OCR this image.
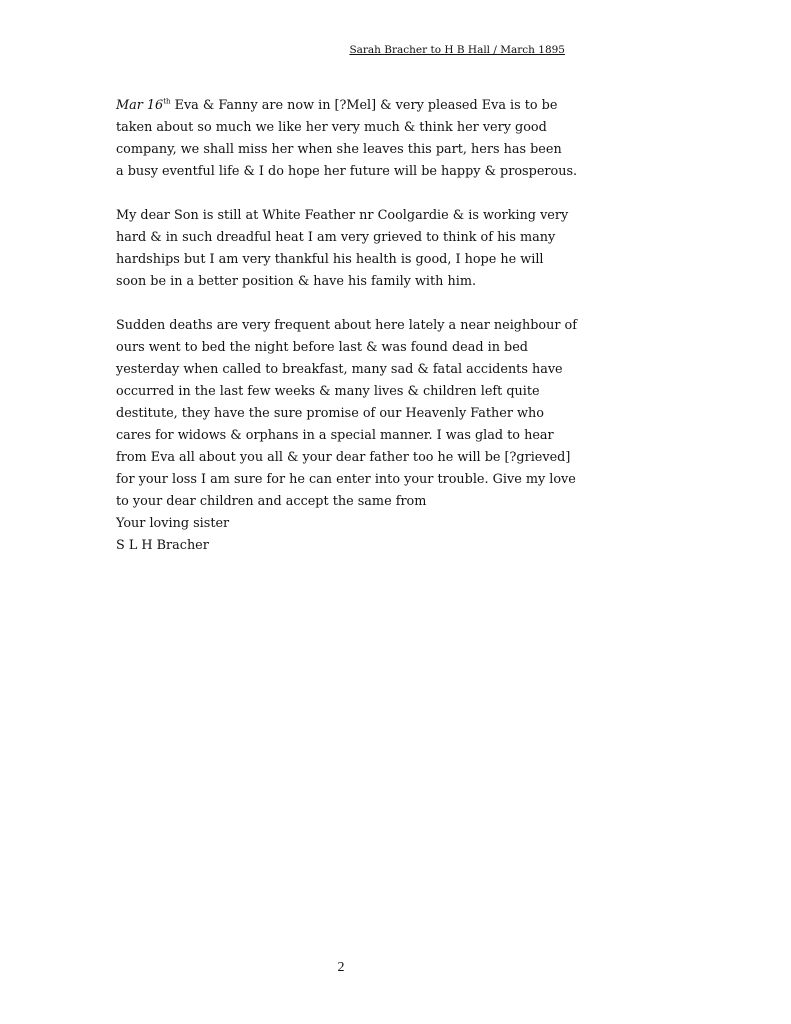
Sarah Bracher to H B Hall / March 1895
Mar 16th Eva & Fanny are now in [?Mel] & very pleased Eva is to be
taken about so much we like her very much & think her very good
company, we shall miss her when she leaves this part, hers has been
a busy eventful life & I do hope her future will be happy & prosperous.
My dear Son is still at White Feather nr Coolgardie & is working very
hard & in such dreadful heat I am very grieved to think of his many
hardships but I am very thankful his health is good, I hope he will
soon be in a better position & have his family with him.
Sudden deaths are very frequent about here lately a near neighbour of
ours went to bed the night before last & was found dead in bed
yesterday when called to breakfast, many sad & fatal accidents have
occurred in the last few weeks & many lives & children left quite
destitute, they have the sure promise of our Heavenly Father who
cares for widows & orphans in a special manner. I was glad to hear
from Eva all about you all & your dear father too he will be [?grieved]
for your loss I am sure for he can enter into your trouble. Give my love
to your dear children and accept the same from
Your loving sister
S L H Bracher
2
